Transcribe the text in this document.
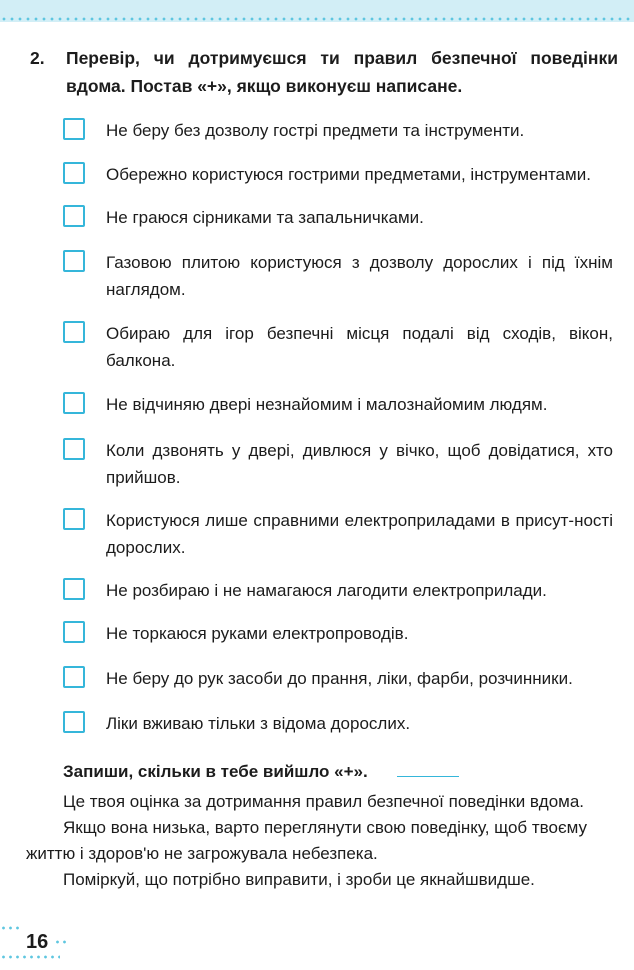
2. Перевір, чи дотримуєшся ти правил безпечної поведінки вдома. Постав «+», якщо виконуєш написане.
Не беру без дозволу гострі предмети та інструменти.
Обережно користуюся гострими предметами, інструментами.
Не граюся сірниками та запальничками.
Газовою плитою користуюся з дозволу дорослих і під їхнім наглядом.
Обираю для ігор безпечні місця подалі від сходів, вікон, балкона.
Не відчиняю двері незнайомим і малознайомим людям.
Коли дзвонять у двері, дивлюся у вічко, щоб довідатися, хто прийшов.
Користуюся лише справними електроприладами в присут-ності дорослих.
Не розбираю і не намагаюся лагодити електроприлади.
Не торкаюся руками електропроводів.
Не беру до рук засоби до прання, ліки, фарби, розчинники.
Ліки вживаю тільки з відома дорослих.
Запиши, скільки в тебе вийшло «+».
Це твоя оцінка за дотримання правил безпечної поведінки вдома.
Якщо вона низька, варто переглянути свою поведінку, щоб твоєму
життю і здоров'ю не загрожувала небезпека.
Поміркуй, що потрібно виправити, і зроби це якнайшвидше.
16
